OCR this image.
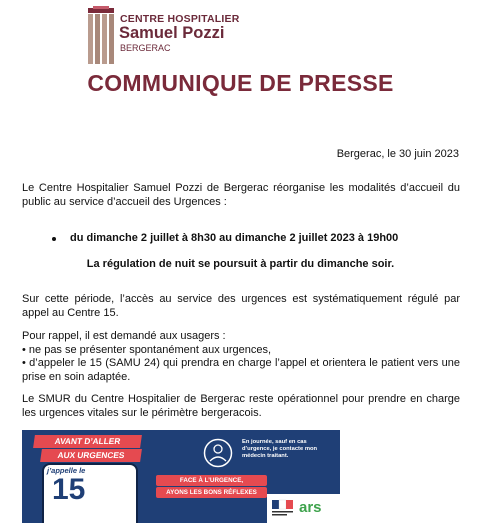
CENTRE HOSPITALIER
Samuel Pozzi
BERGERAC
COMMUNIQUE DE PRESSE
Bergerac, le 30 juin 2023
Le Centre Hospitalier Samuel Pozzi de Bergerac réorganise les modalités d’accueil du public au service d’accueil des Urgences :
du dimanche 2 juillet à 8h30 au dimanche 2 juillet 2023 à 19h00
La régulation de nuit se poursuit à partir du dimanche soir.
Sur cette période, l’accès au service des urgences est systématiquement régulé par appel au Centre 15.
Pour rappel, il est demandé aux usagers :
• ne pas se présenter spontanément aux urgences,
• d’appeler le 15 (SAMU 24) qui prendra en charge l’appel et orientera le patient vers une prise en soin adaptée.
Le SMUR du Centre Hospitalier de Bergerac reste opérationnel pour prendre en charge les urgences vitales sur le périmètre bergeracois.
AVANT D’ALLER
AUX URGENCES
j’appelle le
15
En journée, sauf en cas d’urgence, je contacte mon médecin traitant.
FACE À L’URGENCE,
AYONS LES BONS RÉFLEXES
ars
